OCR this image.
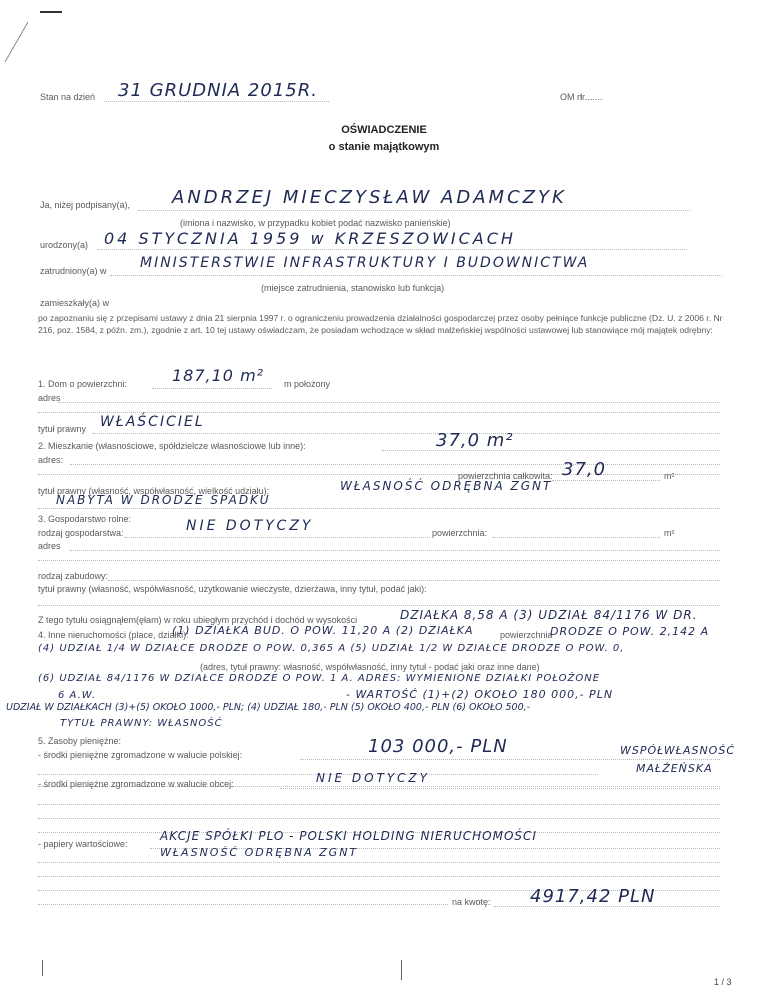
Stan na dzień 31 GRUDNIA 2015R.	OM nr
I .......
OŚWIADCZENIE
o stanie majątkowym
Ja, niżej podpisany(a), ANDRZEJ MIECZYSŁAW ADAMCZYK
(imiona i nazwisko, w przypadku kobiet podać nazwisko panieńskie)
urodzony(a) 04 STYCZNIA 1959 w KRZESZOWICACH
zatrudniony(a) w MINISTERSTWIE INFRASTRUKTURY I BUDOWNICTWA
(miejsce zatrudnienia, stanowisko lub funkcja)
zamieszkały(a) w
po zapoznaniu się z przepisami ustawy z dnia 21 sierpnia 1997 r. o ograniczeniu prowadzenia działalności gospodarczej przez osoby pełniące funkcje publiczne (Dz. U. z 2006 r. Nr 216, poz. 1584, z późn. zm.), zgodnie z art. 10 tej ustawy oświadczam, że posiadam wchodzące w skład małżeńskiej wspólności ustawowej lub stanowiące mój majątek odrębny:
1. Dom o powierzchni:	187,10 m² m położony
adres
tytuł prawny WŁAŚCICIEL
2. Mieszkanie (własnościowe, spółdzielcze własnościowe lub inne):	37,0 m²
adres:
powierzchnia całkowita: 37,0	m²
tytuł prawny (własność, współwłasność, wielkość udziału):	WŁASNOŚĆ ODRĘBNA ZGNT
NABYTA W DRODZE SPADKU
3. Gospodarstwo rolne:
rodzaj gospodarstwa:	NIE DOTYCZY	powierzchnia:	m²
adres
rodzaj zabudowy:
tytuł prawny (własność, współwłasność, użytkowanie wieczyste, dzierżawa, inny tytuł, podać jaki):
Z tego tytułu osiągnąłem(ęłam) w roku ubiegłym przychód i dochód w wysokości	DZIAŁKA 8,58 A (3) UDZIAŁ 84/1176 W DR.
4. Inne nieruchomości (place, działki):
(1) DZIAŁKA BUD. O POW. 11,20 A (2) DZIAŁKA	powierzchnia
DRODZE O POW. 2,142 A
(4) UDZIAŁ 1/4 W DZIAŁCE DRODZE O POW. 0,365 A (5) UDZIAŁ 1/2 W DZIAŁCE DRODZE O POW. 0,
(adres, tytuł prawny: własność, współwłasność, inny tytuł - podać jaki oraz inne dane)
(6) UDZIAŁ 84/1176 W DZIAŁCE DRODZE O POW. 1 A. ADRES: WYMIENIONE DZIAŁKI POŁOŻONE
6 A.W.	- WARTOŚĆ (1)+(2) OKOŁO 180 000,- PLN
UDZIAŁ W DZIAŁKACH (3)+(5) OKOŁO 1000,- PLN; (4) UDZIAŁ 180,- PLN (5) OKOŁO 400,- PLN (6) OKOŁO 500,-
TYTUŁ PRAWNY: WŁASNOŚĆ
5. Zasoby pieniężne:
- środki pieniężne zgromadzone w walucie polskiej:	103 000,- PLN	WSPÓŁWŁASNOŚĆ
MAŁŻEŃSKA
- środki pieniężne zgromadzone w walucie obcej:	NIE DOTYCZY
- papiery wartościowe:
AKCJE SPÓŁKI PLO - POLSKI HOLDING NIERUCHOMOŚCI
WŁASNOŚĆ ODRĘBNA ZGNT
na kwotę: 4917,42 PLN
1 / 3
